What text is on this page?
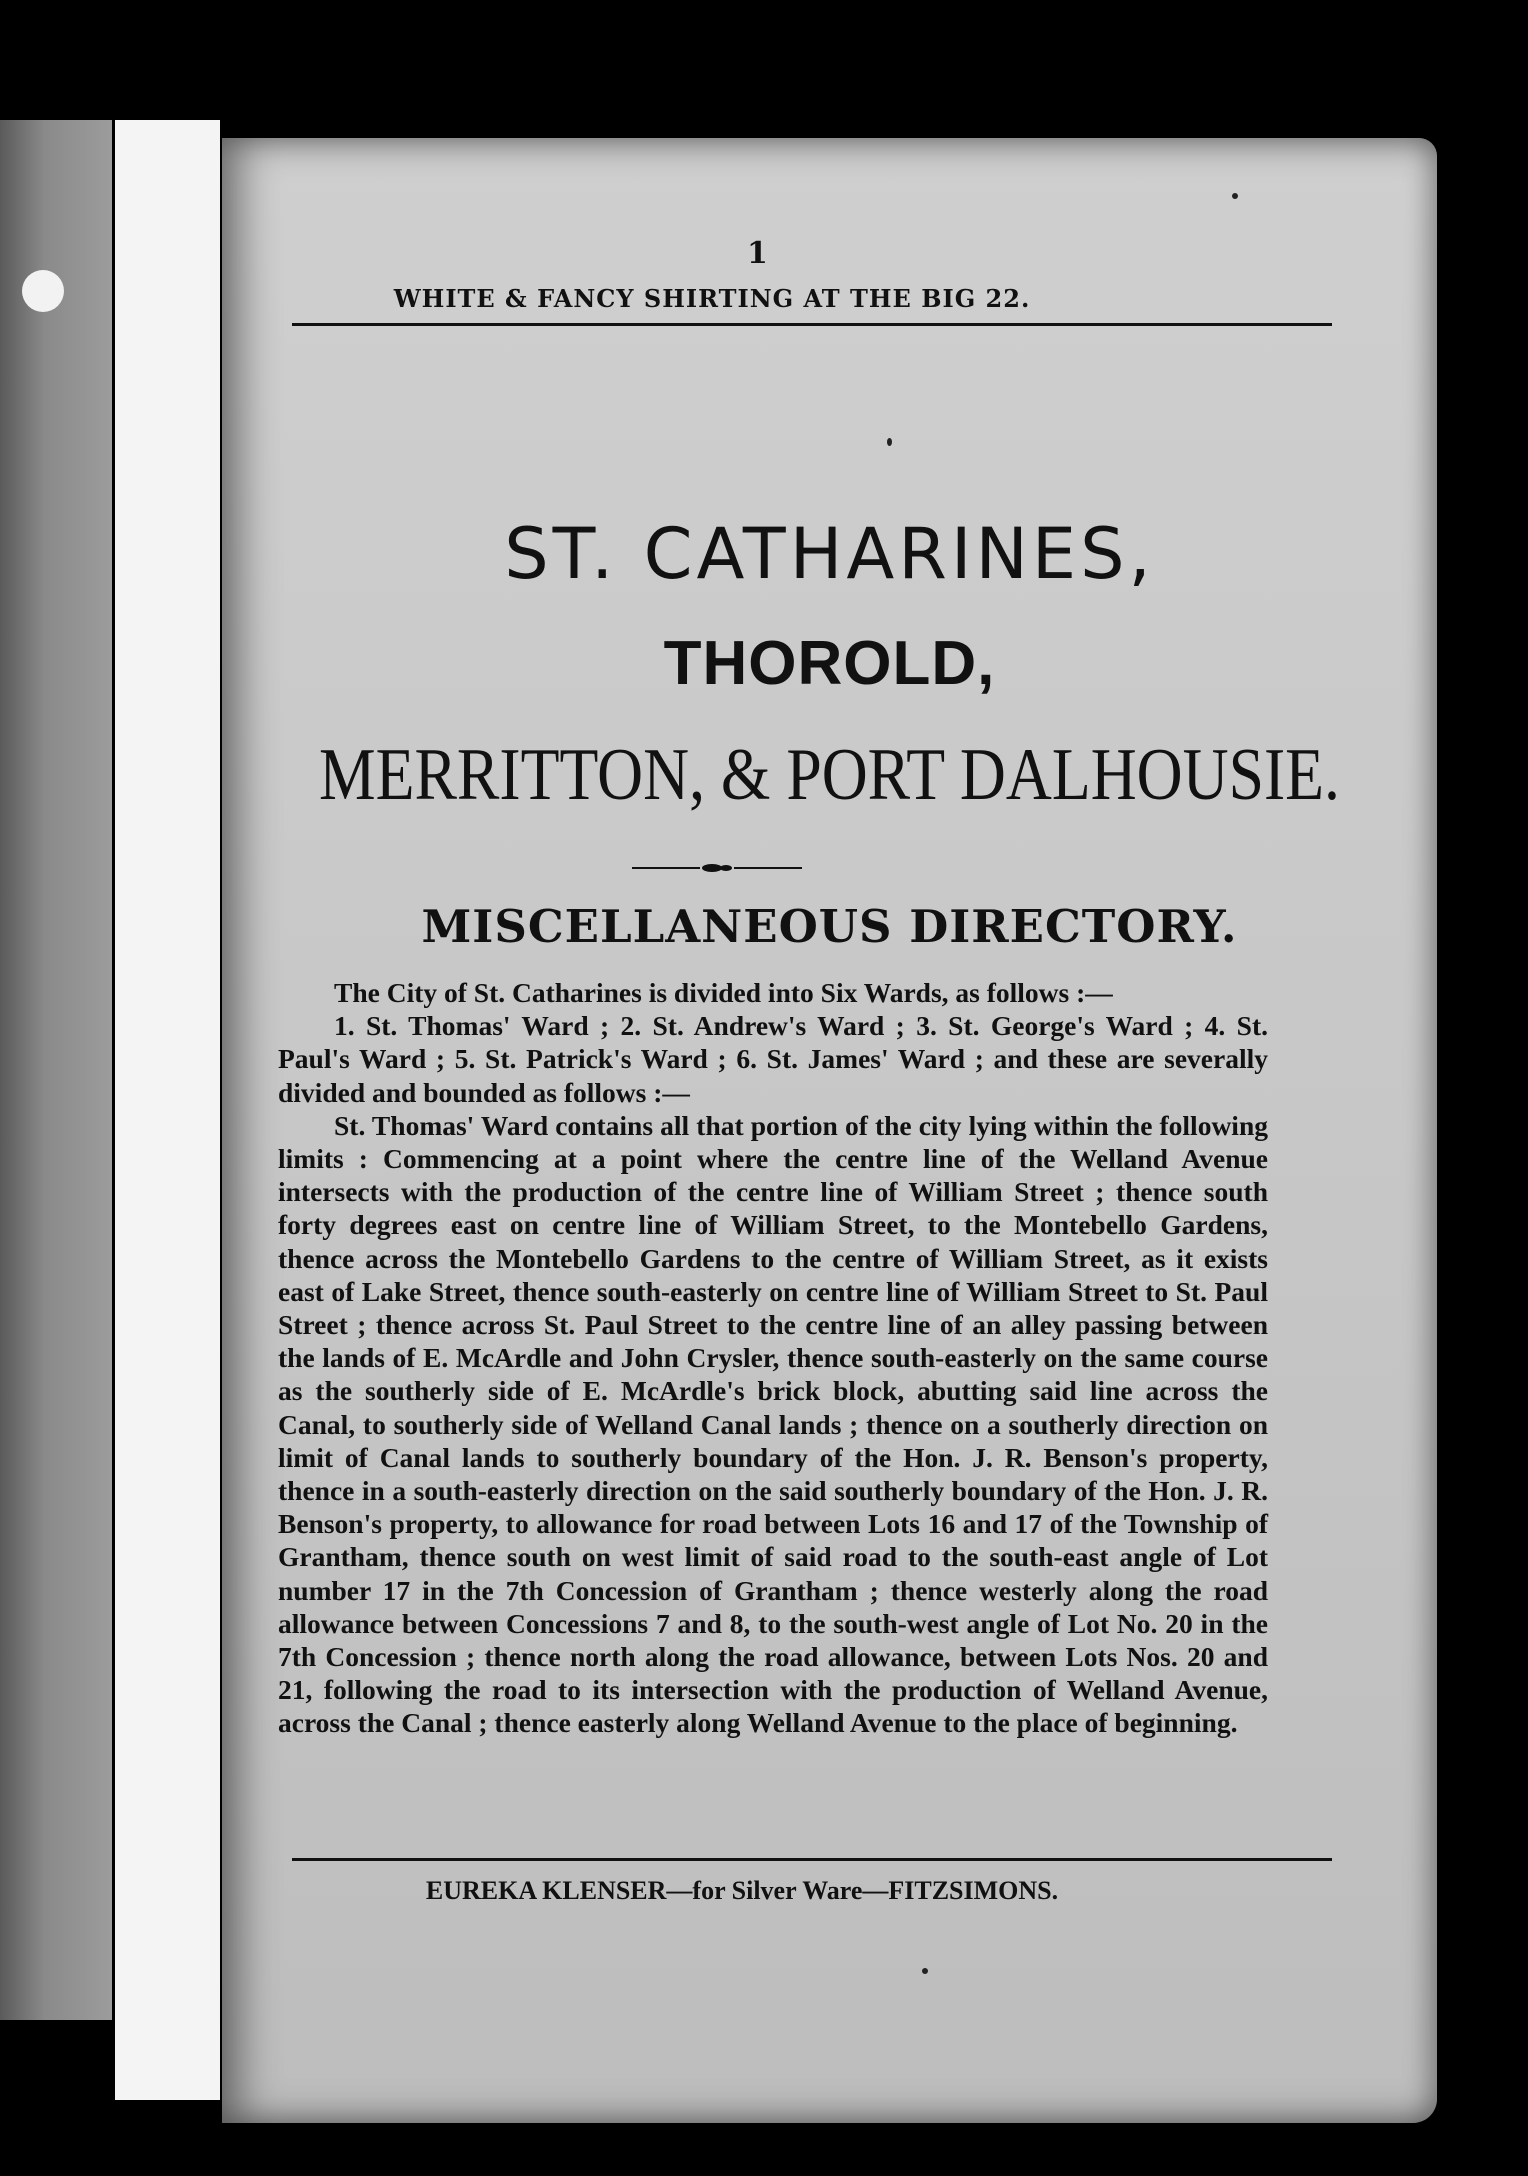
1
WHITE & FANCY SHIRTING AT THE BIG 22.
ST. CATHARINES,
THOROLD,
MERRITTON, & PORT DALHOUSIE.
MISCELLANEOUS DIRECTORY.

The City of St. Catharines is divided into Six Wards, as follows :—

1. St. Thomas' Ward ; 2. St. Andrew's Ward ; 3. St. George's Ward ; 4. St. Paul's Ward ; 5. St. Patrick's Ward ; 6. St. James' Ward ; and these are severally divided and bounded as follows :—

St. Thomas' Ward contains all that portion of the city lying within the following limits : Commencing at a point where the centre line of the Welland Avenue intersects with the production of the centre line of William Street ; thence south forty degrees east on centre line of William Street, to the Montebello Gardens, thence across the Montebello Gardens to the centre of William Street, as it exists east of Lake Street, thence south-easterly on centre line of William Street to St. Paul Street ; thence across St. Paul Street to the centre line of an alley passing between the lands of E. McArdle and John Crysler, thence south-easterly on the same course as the southerly side of E. McArdle's brick block, abutting said line across the Canal, to southerly side of Welland Canal lands ; thence on a southerly direction on limit of Canal lands to southerly boundary of the Hon. J. R. Benson's property, thence in a south-easterly direction on the said southerly boundary of the Hon. J. R. Benson's property, to allowance for road between Lots 16 and 17 of the Township of Grantham, thence south on west limit of said road to the south-east angle of Lot number 17 in the 7th Concession of Grantham ; thence westerly along the road allowance between Concessions 7 and 8, to the south-west angle of Lot No. 20 in the 7th Concession ; thence north along the road allowance, between Lots Nos. 20 and 21, following the road to its intersection with the production of Welland Avenue, across the Canal ; thence easterly along Welland Avenue to the place of beginning.

EUREKA KLENSER—for Silver Ware—FITZSIMONS.
